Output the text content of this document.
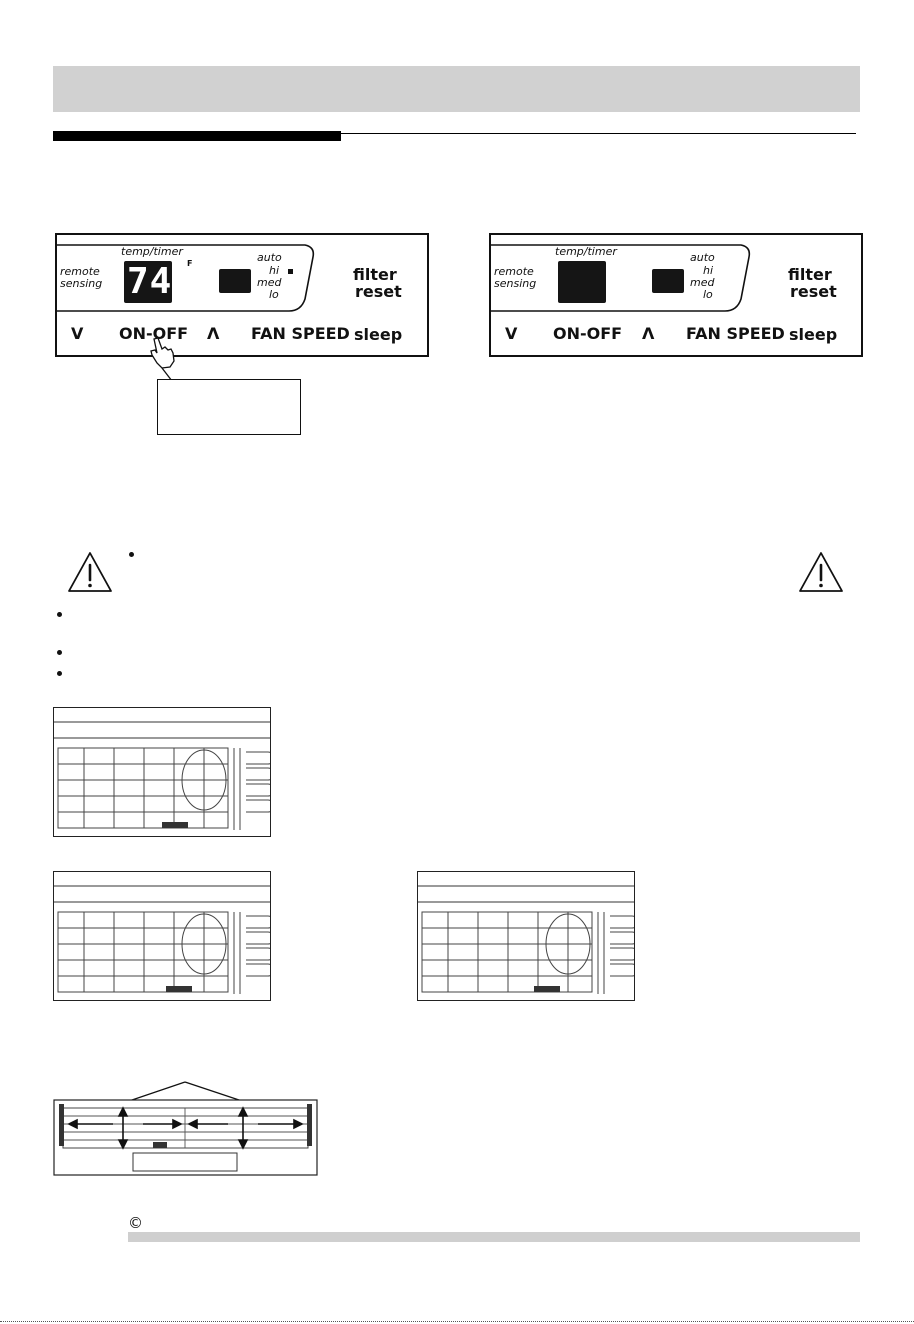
remote
sensing
temp/timer
74 F	auto
hi
med
lo
filter
reset
V ON-OFF Λ FAN SPEED sleep
remote
sensing
temp/timer	auto
hi
med
lo
filter
reset
V ON-OFF Λ FAN SPEED sleep
©
